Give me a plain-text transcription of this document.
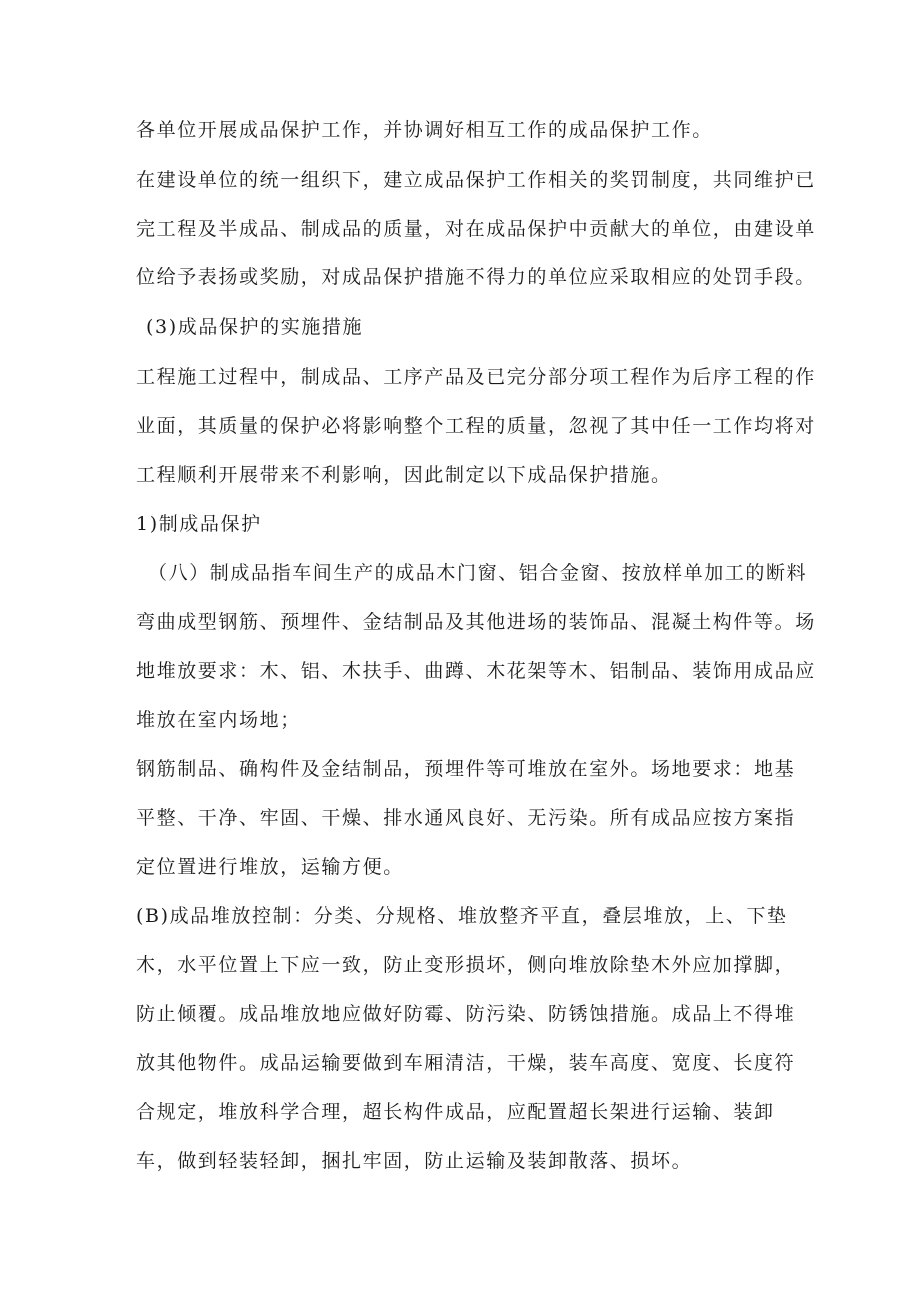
各单位开展成品保护工作，并协调好相互工作的成品保护工作。
在建设单位的统一组织下，建立成品保护工作相关的奖罚制度，共同维护已
完工程及半成品、制成品的质量，对在成品保护中贡献大的单位，由建设单
位给予表扬或奖励，对成品保护措施不得力的单位应采取相应的处罚手段。
(3)成品保护的实施措施
工程施工过程中，制成品、工序产品及已完分部分项工程作为后序工程的作
业面，其质量的保护必将影响整个工程的质量，忽视了其中任一工作均将对
工程顺利开展带来不利影响，因此制定以下成品保护措施。
1)制成品保护
（八）制成品指车间生产的成品木门窗、铝合金窗、按放样单加工的断料
弯曲成型钢筋、预埋件、金结制品及其他进场的装饰品、混凝土构件等。场
地堆放要求：木、铝、木扶手、曲蹲、木花架等木、铝制品、装饰用成品应
堆放在室内场地；
钢筋制品、确构件及金结制品，预埋件等可堆放在室外。场地要求：地基
平整、干净、牢固、干燥、排水通风良好、无污染。所有成品应按方案指
定位置进行堆放，运输方便。
(B)成品堆放控制：分类、分规格、堆放整齐平直，叠层堆放，上、下垫
木，水平位置上下应一致，防止变形损坏，侧向堆放除垫木外应加撑脚，
防止倾覆。成品堆放地应做好防霉、防污染、防锈蚀措施。成品上不得堆
放其他物件。成品运输要做到车厢清洁，干燥，装车高度、宽度、长度符
合规定，堆放科学合理，超长构件成品，应配置超长架进行运输、装卸
车，做到轻装轻卸，捆扎牢固，防止运输及装卸散落、损坏。
